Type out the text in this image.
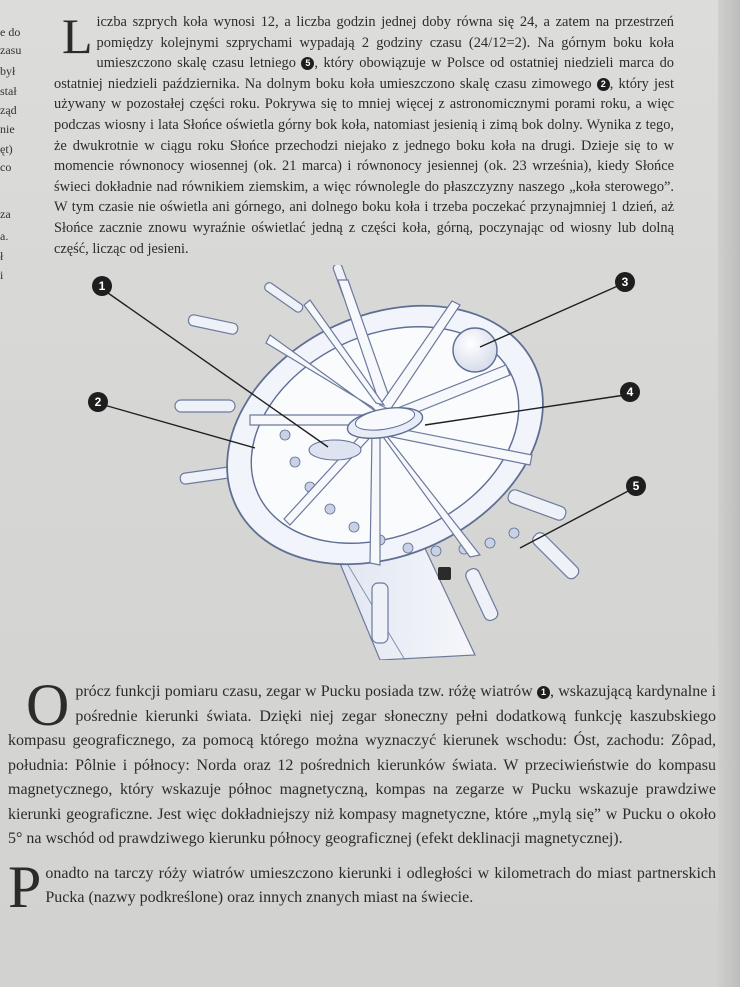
e do
zasu
był
stał
ząd
nie
ęt)
co
za
a.
ł
i
Liczba szprych koła wynosi 12, a liczba godzin jednej doby równa się 24, a zatem na przestrzeń pomiędzy kolejnymi szprychami wypadają 2 godziny czasu (24/12=2). Na górnym boku koła umieszczono skalę czasu letniego 5 , który obowiązuje w Polsce od ostatniej niedzieli marca do ostatniej niedzieli października. Na dolnym boku koła umieszczono skalę czasu zimowego 2 , który jest używany w pozostałej części roku. Pokrywa się to mniej więcej z astronomicznymi porami roku, a więc podczas wiosny i lata Słońce oświetla górny bok koła, natomiast jesienią i zimą bok dolny. Wynika z tego, że dwukrotnie w ciągu roku Słońce przechodzi niejako z jednego boku koła na drugi. Dzieje się to w momencie równonocy wiosennej (ok. 21 marca) i równonocy jesiennej (ok. 23 września), kiedy Słońce świeci dokładnie nad równikiem ziemskim, a więc równolegle do płaszczyzny naszego „koła sterowego”. W tym czasie nie oświetla ani górnego, ani dolnego boku koła i trzeba poczekać przynajmniej 1 dzień, aż Słońce zacznie znowu wyraźnie oświetlać jedną z części koła, górną, poczynając od wiosny lub dolną część, licząc od jesieni.
1
2
3
4
5
Oprócz funkcji pomiaru czasu, zegar w Pucku posiada tzw. różę wiatrów 1 , wskazującą kardynalne i pośrednie kierunki świata. Dzięki niej zegar słoneczny pełni dodatkową funkcję kaszubskiego kompasu geograficznego, za pomocą którego można wyznaczyć kierunek wschodu: Óst, zachodu: Zôpad, południa: Pôlnie i północy: Norda oraz 12 pośrednich kierunków świata. W przeciwieństwie do kompasu magnetycznego, który wskazuje północ magnetyczną, kompas na zegarze w Pucku wskazuje prawdziwe kierunki geograficzne. Jest więc dokładniejszy niż kompasy magnetyczne, które „mylą się” w Pucku o około 5° na wschód od prawdziwego kierunku północy geograficznej (efekt deklinacji magnetycznej).
Ponadto na tarczy róży wiatrów umieszczono kierunki i odległości w kilometrach do miast partnerskich Pucka (nazwy podkreślone) oraz innych znanych miast na świecie.
